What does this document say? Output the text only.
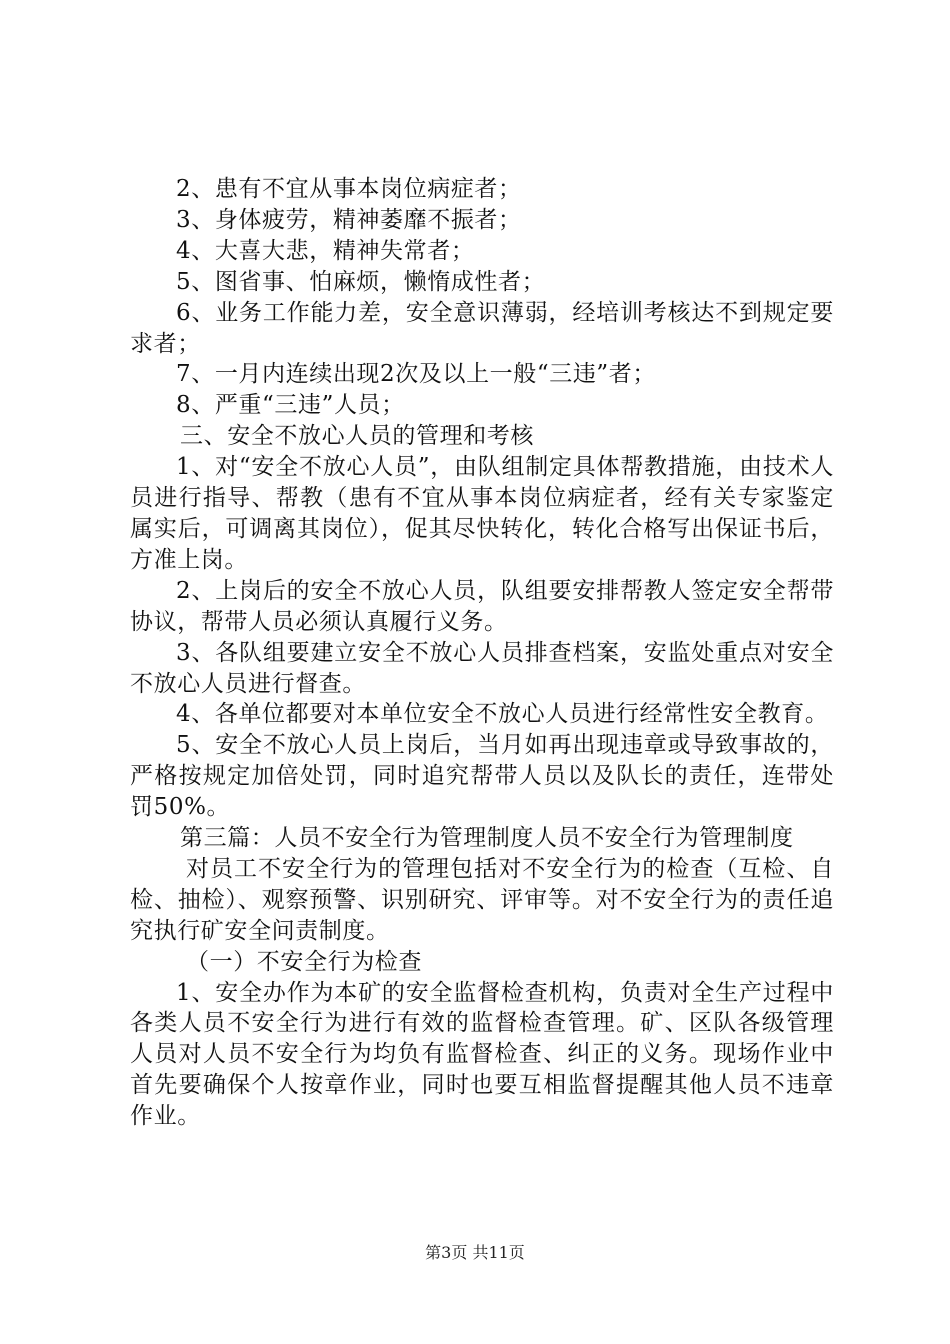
2、患有不宜从事本岗位病症者；

3、身体疲劳，精神萎靡不振者；

4、大喜大悲，精神失常者；

5、图省事、怕麻烦，懒惰成性者；

6、业务工作能力差，安全意识薄弱，经培训考核达不到规定要求者；

7、一月内连续出现2次及以上一般“三违”者；

8、严重“三违”人员；

三、安全不放心人员的管理和考核

1、对“安全不放心人员”，由队组制定具体帮教措施，由技术人员进行指导、帮教（患有不宜从事本岗位病症者，经有关专家鉴定属实后，可调离其岗位），促其尽快转化，转化合格写出保证书后，方准上岗。

2、上岗后的安全不放心人员，队组要安排帮教人签定安全帮带协议，帮带人员必须认真履行义务。

3、各队组要建立安全不放心人员排查档案，安监处重点对安全不放心人员进行督查。

4、各单位都要对本单位安全不放心人员进行经常性安全教育。

5、安全不放心人员上岗后，当月如再出现违章或导致事故的，严格按规定加倍处罚，同时追究帮带人员以及队长的责任，连带处罚50%。

第三篇：人员不安全行为管理制度人员不安全行为管理制度

对员工不安全行为的管理包括对不安全行为的检查（互检、自检、抽检）、观察预警、识别研究、评审等。对不安全行为的责任追究执行矿安全问责制度。

（一）不安全行为检查

1、安全办作为本矿的安全监督检查机构，负责对全生产过程中各类人员不安全行为进行有效的监督检查管理。矿、区队各级管理人员对人员不安全行为均负有监督检查、纠正的义务。现场作业中首先要确保个人按章作业，同时也要互相监督提醒其他人员不违章作业。

第3页 共11页
